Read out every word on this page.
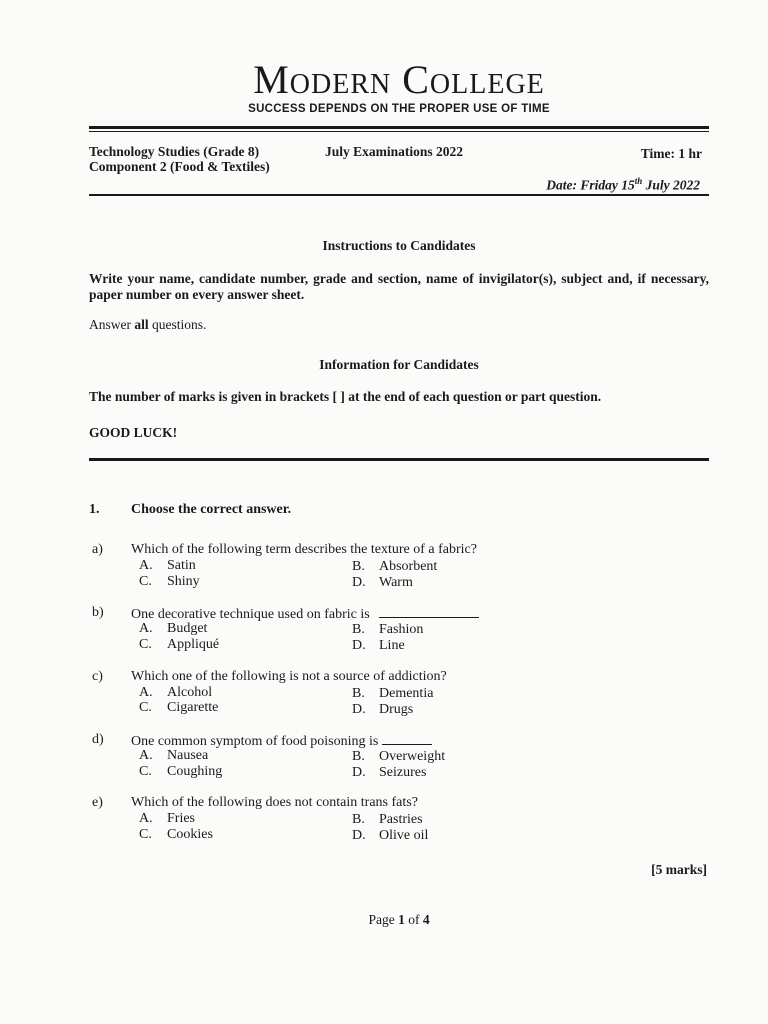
Modern College
SUCCESS DEPENDS ON THE PROPER USE OF TIME
Technology Studies (Grade 8)
Component 2 (Food & Textiles)
July Examinations 2022	Time: 1 hr
Date: Friday 15th July 2022
Instructions to Candidates
Write your name, candidate number, grade and section, name of invigilator(s), subject and, if necessary, paper number on every answer sheet.
Answer all questions.
Information for Candidates
The number of marks is given in brackets [ ] at the end of each question or part question.
GOOD LUCK!
1. Choose the correct answer.
a) Which of the following term describes the texture of a fabric?
A. Satin	B. Absorbent
C. Shiny	D. Warm
b) One decorative technique used on fabric is
A. Budget	B. Fashion
C. Appliqué	D. Line
c) Which one of the following is not a source of addiction?
A. Alcohol	B. Dementia
C. Cigarette	D. Drugs
d) One common symptom of food poisoning is
A. Nausea	B. Overweight
C. Coughing	D. Seizures
e) Which of the following does not contain trans fats?
A. Fries	B. Pastries
C. Cookies	D. Olive oil
[5 marks]
Page 1 of 4
